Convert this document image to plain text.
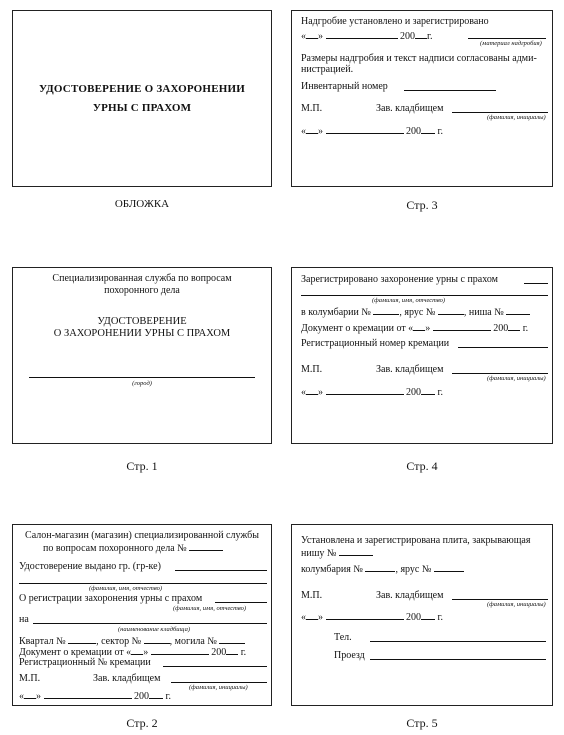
УДОСТОВЕРЕНИЕ О ЗАХОРОНЕНИИ
УРНЫ С ПРАХОМ
ОБЛОЖКА
Надгробие установлено и зарегистрировано
« »	200 г.
(материал надгробия)
Размеры надгробия и текст надписи согласованы адми-
нистрацией.
Инвентарный номер
М.П.	Зав. кладбищем
(фамилия, инициалы)
« »	200 г.
Стр. 3
Специализированная служба по вопросам
похоронного дела
УДОСТОВЕРЕНИЕ
О ЗАХОРОНЕНИИ УРНЫ С ПРАХОМ
(город)
Стр. 1
Зарегистрировано захоронение урны с прахом
(фамилия, имя, отчество)
в колумбарии №	, ярус №	, ниша №
Документ о кремации от « »	200 г.
Регистрационный номер кремации
М.П.	Зав. кладбищем
(фамилия, инициалы)
« »	200 г.
Стр. 4
Салон-магазин (магазин) специализированной службы
по вопросам похоронного дела №
Удостоверение выдано гр. (гр-ке)
(фамилия, имя, отчество)
О регистрации захоронения урны с прахом
(фамилия, имя, отчество)
на
(наименование кладбища)
Квартал №	, сектор №	, могила №
Документ о кремации от « »	200 г.
Регистрационный № кремации
М.П.	Зав. кладбищем
(фамилия, инициалы)
« »	200 г.
Стр. 2
Установлена и зарегистрирована плита, закрывающая
нишу №
колумбария №	, ярус №
М.П.	Зав. кладбищем
(фамилия, инициалы)
« »	200 г.
Тел.
Проезд
Стр. 5
